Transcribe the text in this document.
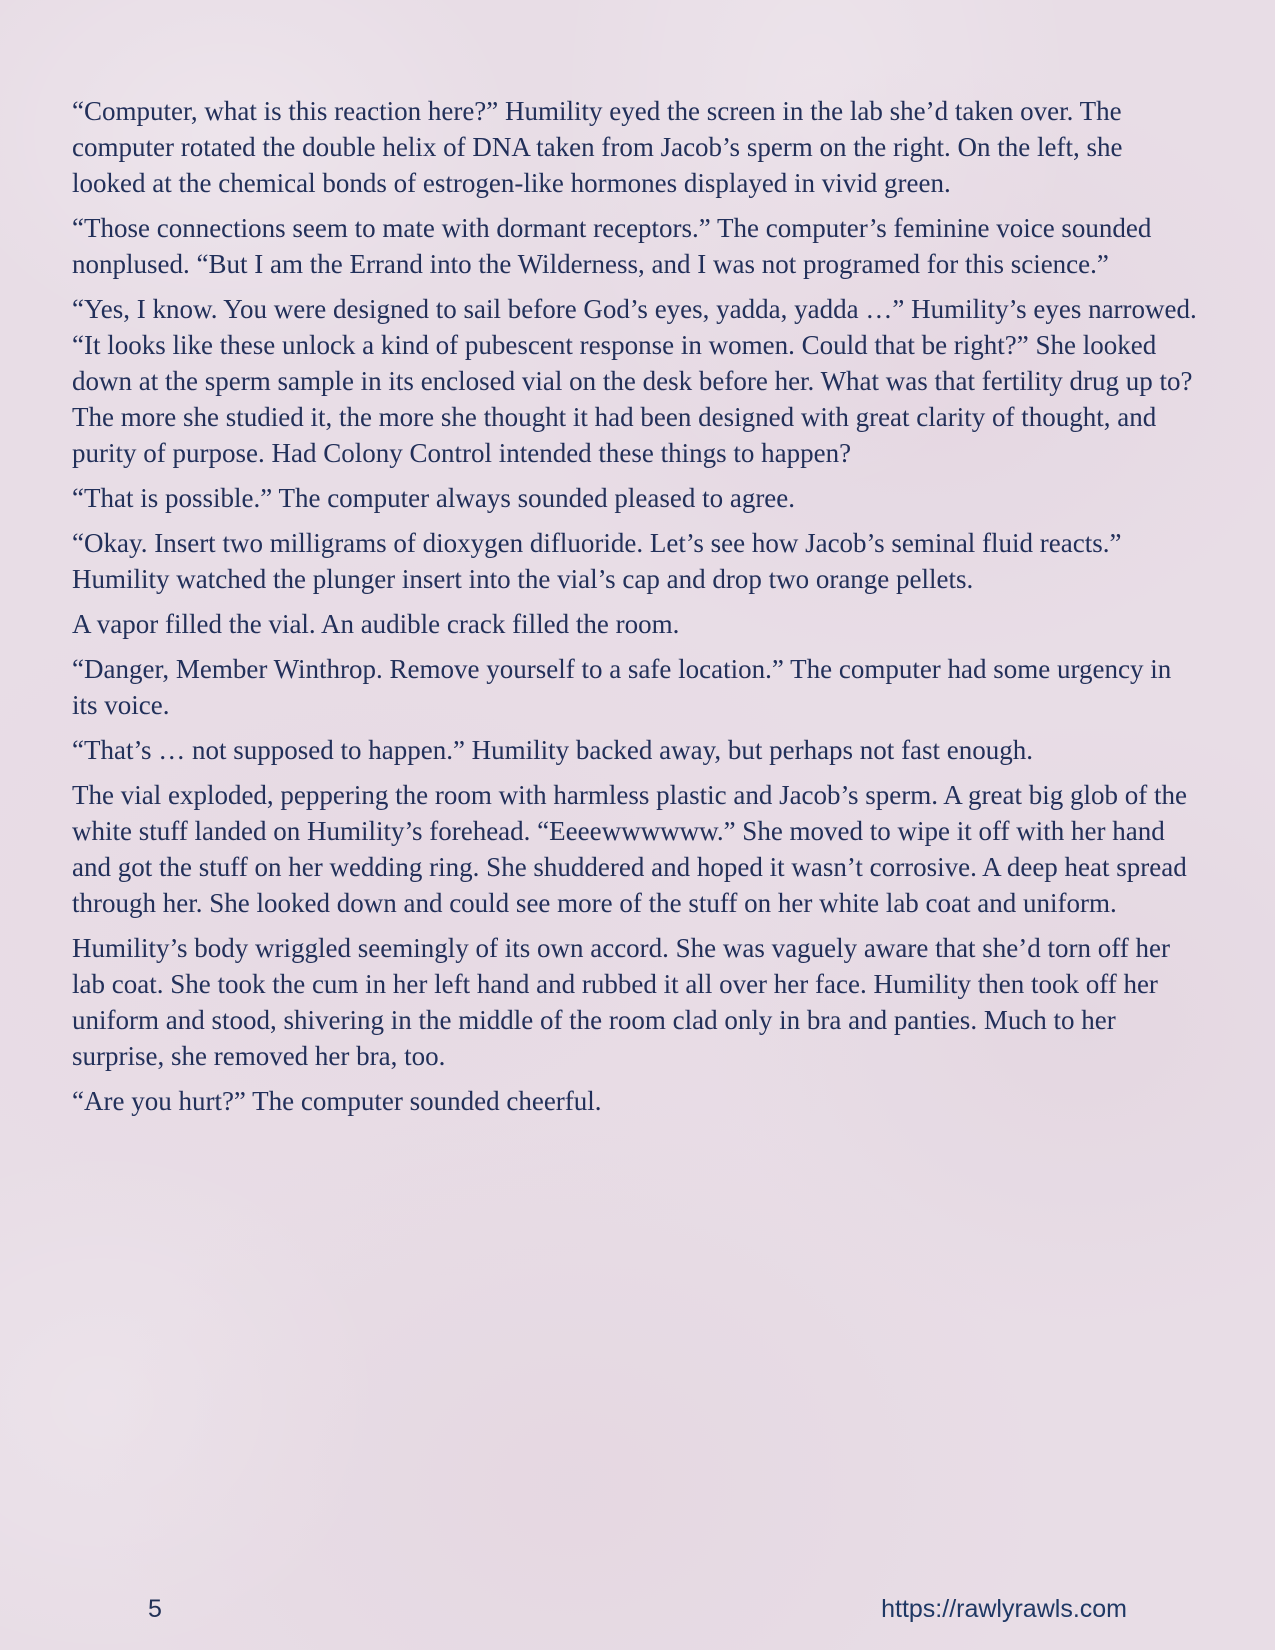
“Computer, what is this reaction here?” Humility eyed the screen in the lab she’d taken over. The computer rotated the double helix of DNA taken from Jacob’s sperm on the right. On the left, she looked at the chemical bonds of estrogen-like hormones displayed in vivid green.

“Those connections seem to mate with dormant receptors.” The computer’s feminine voice sounded nonplused. “But I am the Errand into the Wilderness, and I was not programed for this science.”

“Yes, I know. You were designed to sail before God’s eyes, yadda, yadda …” Humility’s eyes narrowed. “It looks like these unlock a kind of pubescent response in women. Could that be right?” She looked down at the sperm sample in its enclosed vial on the desk before her. What was that fertility drug up to? The more she studied it, the more she thought it had been designed with great clarity of thought, and purity of purpose. Had Colony Control intended these things to happen?

“That is possible.” The computer always sounded pleased to agree.

“Okay. Insert two milligrams of dioxygen difluoride. Let’s see how Jacob’s seminal fluid reacts.” Humility watched the plunger insert into the vial’s cap and drop two orange pellets.

A vapor filled the vial. An audible crack filled the room.

“Danger, Member Winthrop. Remove yourself to a safe location.” The computer had some urgency in its voice.

“That’s … not supposed to happen.” Humility backed away, but perhaps not fast enough.

The vial exploded, peppering the room with harmless plastic and Jacob’s sperm. A great big glob of the white stuff landed on Humility’s forehead. “Eeeewwwwww.” She moved to wipe it off with her hand and got the stuff on her wedding ring. She shuddered and hoped it wasn’t corrosive. A deep heat spread through her. She looked down and could see more of the stuff on her white lab coat and uniform.

Humility’s body wriggled seemingly of its own accord. She was vaguely aware that she’d torn off her lab coat. She took the cum in her left hand and rubbed it all over her face. Humility then took off her uniform and stood, shivering in the middle of the room clad only in bra and panties. Much to her surprise, she removed her bra, too.

“Are you hurt?” The computer sounded cheerful.

5	https://rawlyrawls.com
